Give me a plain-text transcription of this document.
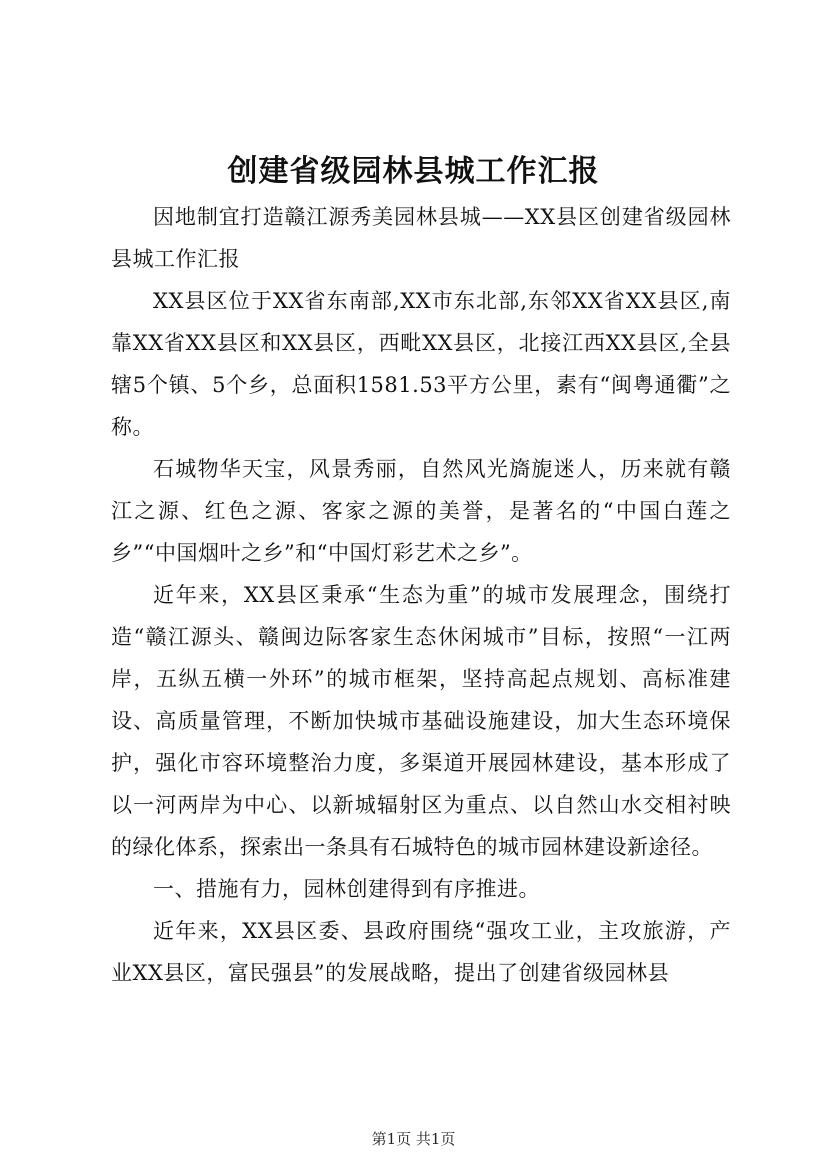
创建省级园林县城工作汇报

因地制宜打造赣江源秀美园林县城——XX县区创建省级园林县城工作汇报

XX县区位于XX省东南部,XX市东北部,东邻XX省XX县区,南靠XX省XX县区和XX县区，西毗XX县区，北接江西XX县区,全县辖5个镇、5个乡，总面积1581.53平方公里，素有“闽粤通衢”之称。

石城物华天宝，风景秀丽，自然风光旖旎迷人，历来就有赣江之源、红色之源、客家之源的美誉，是著名的“中国白莲之乡”“中国烟叶之乡”和“中国灯彩艺术之乡”。

近年来，XX县区秉承“生态为重”的城市发展理念，围绕打造“赣江源头、赣闽边际客家生态休闲城市”目标，按照“一江两岸，五纵五横一外环”的城市框架，坚持高起点规划、高标准建设、高质量管理，不断加快城市基础设施建设，加大生态环境保护，强化市容环境整治力度，多渠道开展园林建设，基本形成了以一河两岸为中心、以新城辐射区为重点、以自然山水交相衬映的绿化体系，探索出一条具有石城特色的城市园林建设新途径。

一、措施有力，园林创建得到有序推进。

近年来，XX县区委、县政府围绕“强攻工业，主攻旅游，产业XX县区，富民强县”的发展战略，提出了创建省级园林县

第1页 共1页
